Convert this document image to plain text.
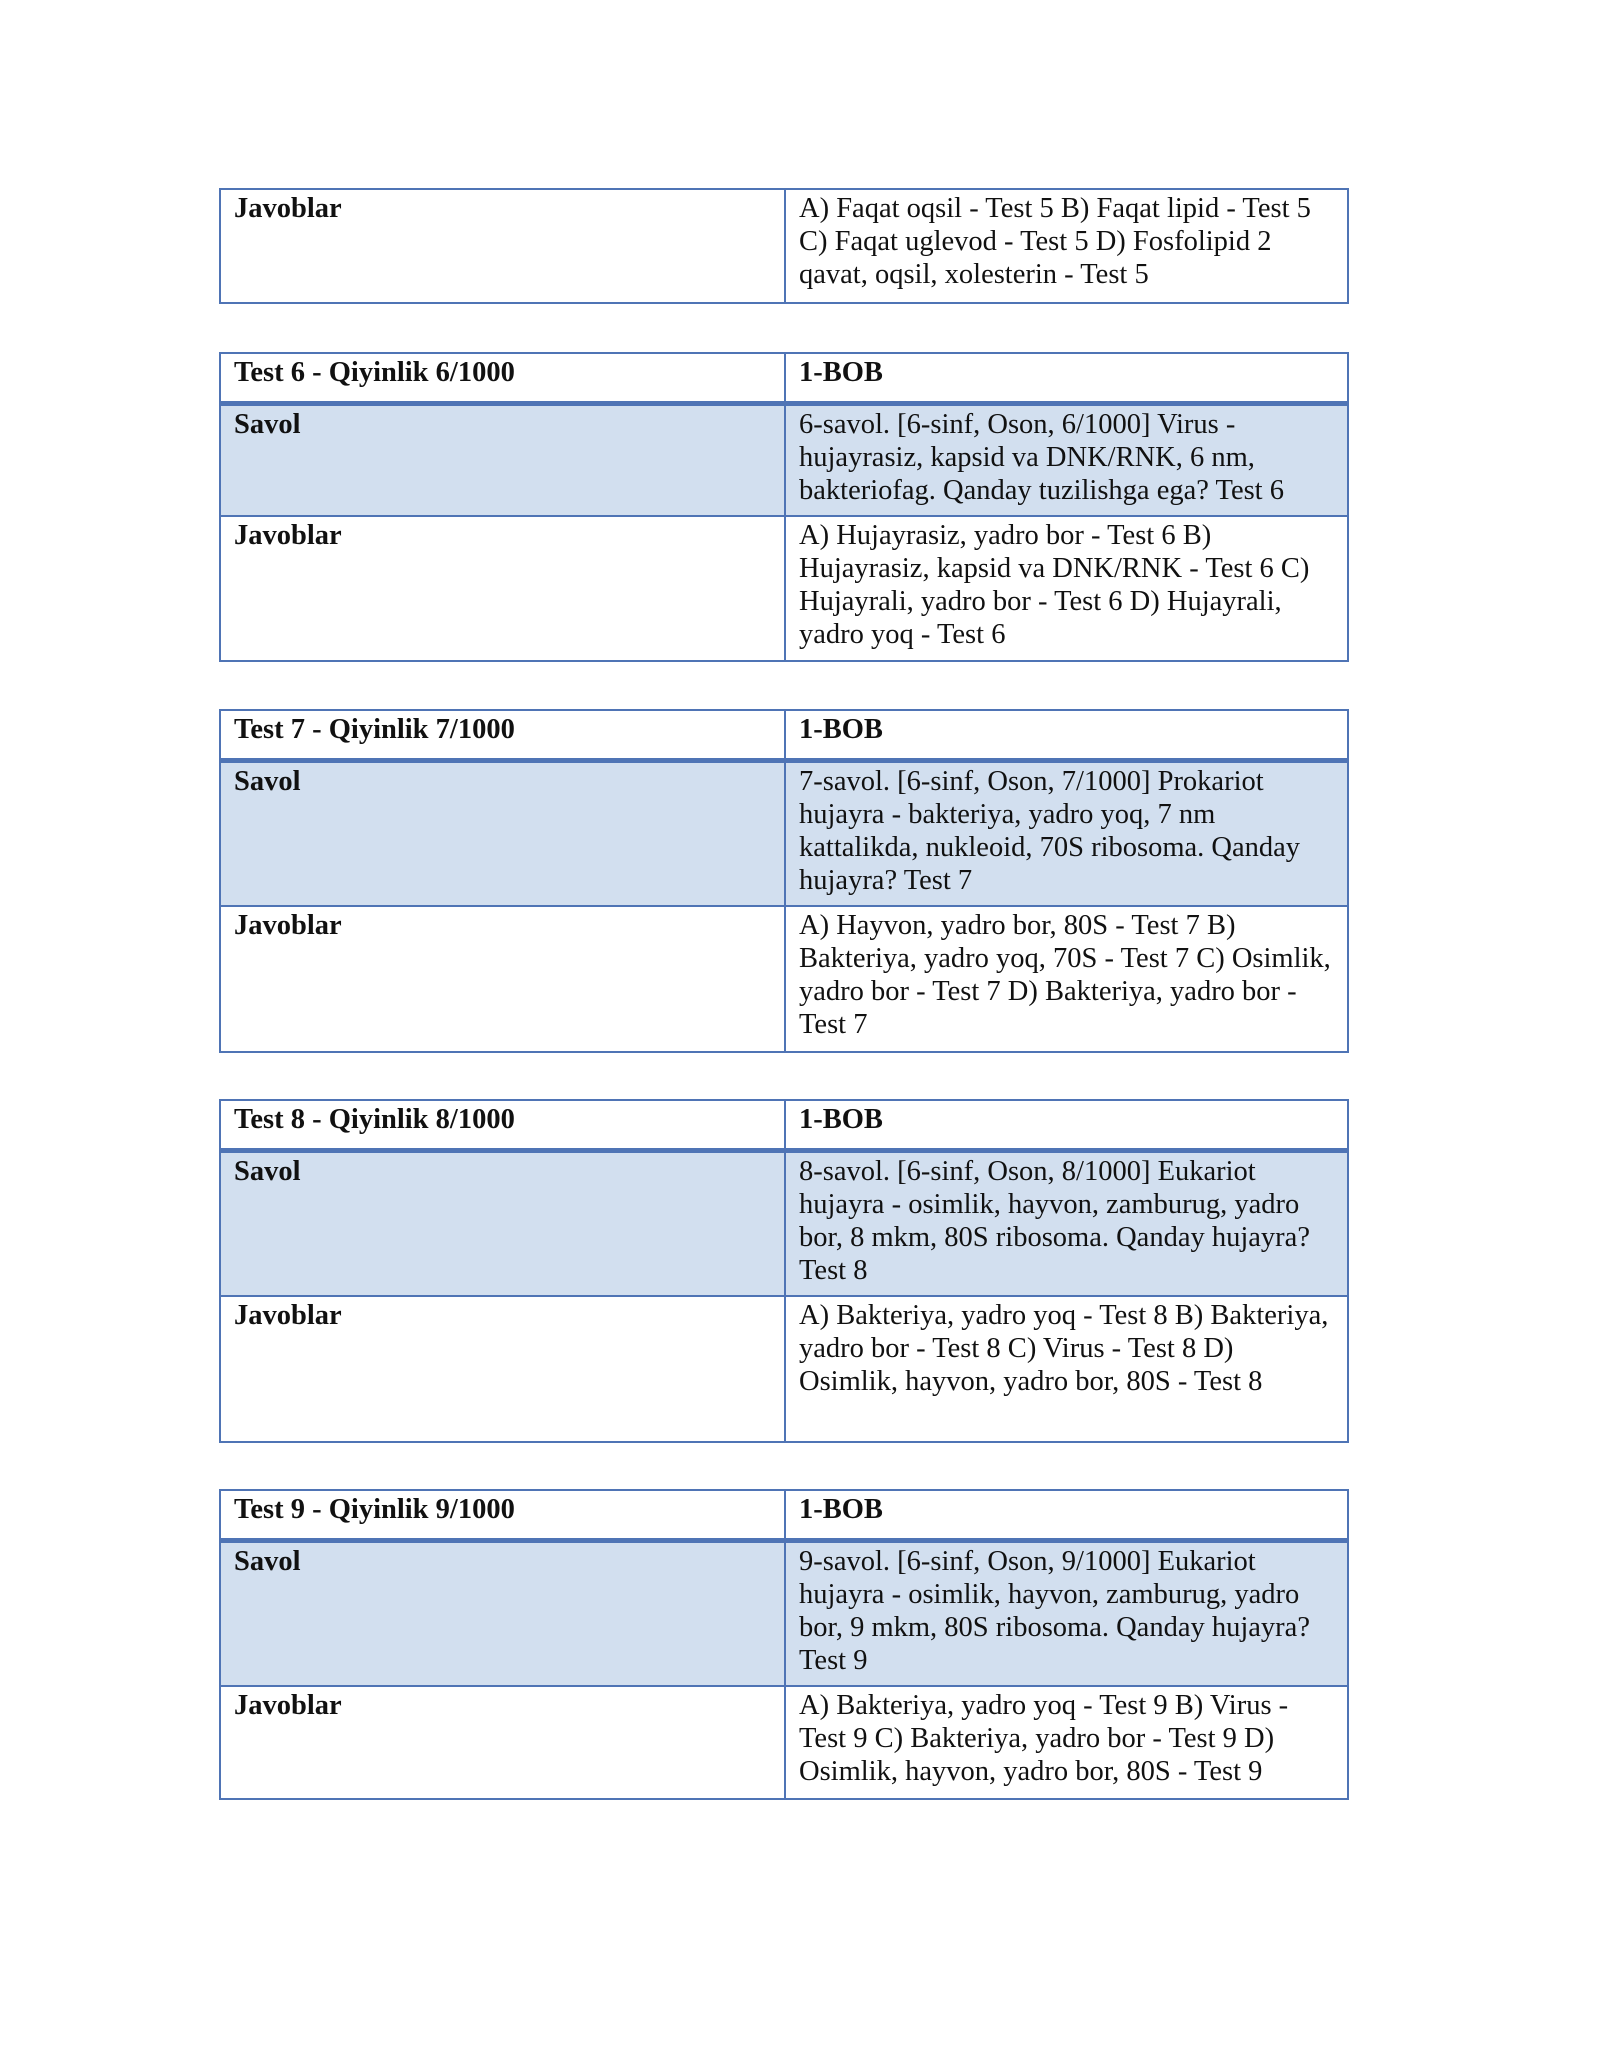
Javoblar	A) Faqat oqsil - Test 5 B) Faqat lipid - Test 5 C) Faqat uglevod - Test 5 D) Fosfolipid 2 qavat, oqsil, xolesterin - Test 5
Test 6 - Qiyinlik 6/1000	1-BOB
Savol	6-savol. [6-sinf, Oson, 6/1000] Virus - hujayrasiz, kapsid va DNK/RNK, 6 nm, bakteriofag. Qanday tuzilishga ega? Test 6
Javoblar	A) Hujayrasiz, yadro bor - Test 6 B) Hujayrasiz, kapsid va DNK/RNK - Test 6 C) Hujayrali, yadro bor - Test 6 D) Hujayrali, yadro yoq - Test 6
Test 7 - Qiyinlik 7/1000	1-BOB
Savol	7-savol. [6-sinf, Oson, 7/1000] Prokariot hujayra - bakteriya, yadro yoq, 7 nm kattalikda, nukleoid, 70S ribosoma. Qanday hujayra? Test 7
Javoblar	A) Hayvon, yadro bor, 80S - Test 7 B) Bakteriya, yadro yoq, 70S - Test 7 C) Osimlik, yadro bor - Test 7 D) Bakteriya, yadro bor - Test 7
Test 8 - Qiyinlik 8/1000	1-BOB
Savol	8-savol. [6-sinf, Oson, 8/1000] Eukariot hujayra - osimlik, hayvon, zamburug, yadro bor, 8 mkm, 80S ribosoma. Qanday hujayra? Test 8
Javoblar	A) Bakteriya, yadro yoq - Test 8 B) Bakteriya, yadro bor - Test 8 C) Virus - Test 8 D) Osimlik, hayvon, yadro bor, 80S - Test 8
Test 9 - Qiyinlik 9/1000	1-BOB
Savol	9-savol. [6-sinf, Oson, 9/1000] Eukariot hujayra - osimlik, hayvon, zamburug, yadro bor, 9 mkm, 80S ribosoma. Qanday hujayra? Test 9
Javoblar	A) Bakteriya, yadro yoq - Test 9 B) Virus - Test 9 C) Bakteriya, yadro bor - Test 9 D) Osimlik, hayvon, yadro bor, 80S - Test 9
